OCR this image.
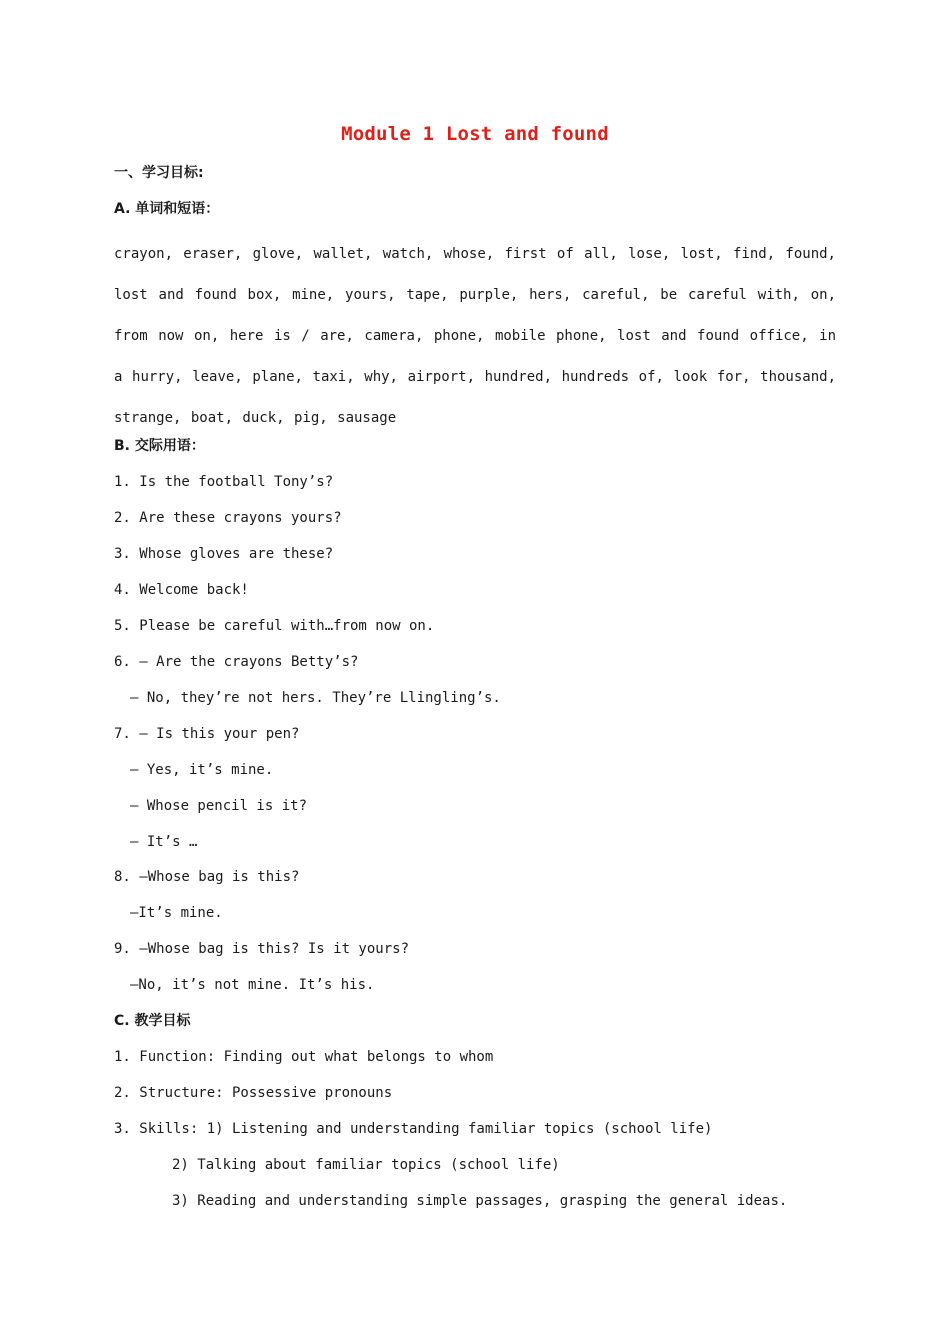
Module 1 Lost and found
一、学习目标:
A. 单词和短语：
crayon, eraser, glove, wallet, watch, whose, first of all, lose, lost, find, found, lost and found box, mine, yours, tape, purple, hers, careful, be careful with, on, from now on, here is / are, camera, phone, mobile phone, lost and found office, in a hurry, leave, plane, taxi, why, airport, hundred, hundreds of, look for, thousand, strange, boat, duck, pig, sausage
B. 交际用语：
1. Is the football Tony’s?
2. Are these crayons yours?
3. Whose gloves are these?
4. Welcome back!
5. Please be careful with…from now on.
6. — Are the crayons Betty’s?
— No, they’re not hers. They’re Llingling’s.
7. — Is this your pen?
— Yes, it’s mine.
— Whose pencil is it?
— It’s …
8. —Whose bag is this?
—It’s mine.
9. —Whose bag is this? Is it yours?
—No, it’s not mine. It’s his.
C. 教学目标
1. Function: Finding out what belongs to whom
2. Structure: Possessive pronouns
3. Skills: 1) Listening and understanding familiar topics (school life)
2) Talking about familiar topics (school life)
3) Reading and understanding simple passages, grasping the general ideas.
